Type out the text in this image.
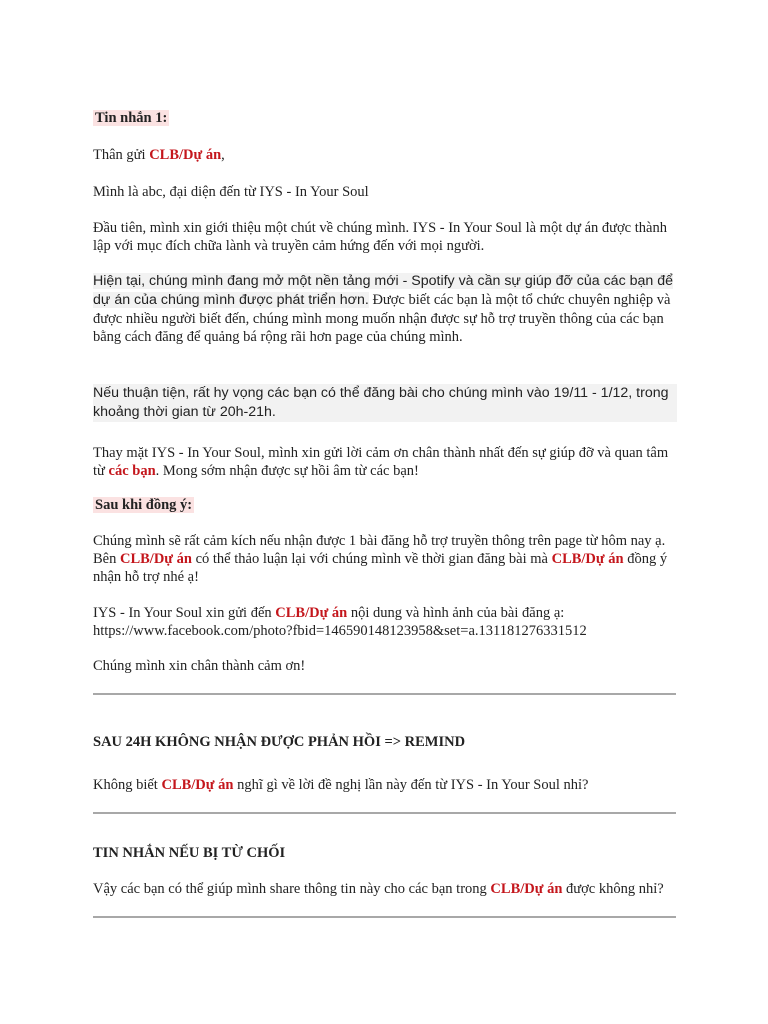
Tin nhắn 1:

Thân gửi CLB/Dự án,

Mình là abc, đại diện đến từ IYS - In Your Soul

Đầu tiên, mình xin giới thiệu một chút về chúng mình. IYS - In Your Soul là một dự án được thành lập với mục đích chữa lành và truyền cảm hứng đến với mọi người.

Hiện tại, chúng mình đang mở một nền tảng mới - Spotify và cần sự giúp đỡ của các bạn để dự án của chúng mình được phát triển hơn. Được biết các bạn là một tổ chức chuyên nghiệp và được nhiều người biết đến, chúng mình mong muốn nhận được sự hỗ trợ truyền thông của các bạn bằng cách đăng để quảng bá rộng rãi hơn page của chúng mình.

Nếu thuận tiện, rất hy vọng các bạn có thể đăng bài cho chúng mình vào 19/11 - 1/12, trong khoảng thời gian từ 20h-21h.

Thay mặt IYS - In Your Soul, mình xin gửi lời cảm ơn chân thành nhất đến sự giúp đỡ và quan tâm từ các bạn. Mong sớm nhận được sự hồi âm từ các bạn!

Sau khi đồng ý:

Chúng mình sẽ rất cảm kích nếu nhận được 1 bài đăng hỗ trợ truyền thông trên page từ hôm nay ạ. Bên CLB/Dự án có thể thảo luận lại với chúng mình về thời gian đăng bài mà CLB/Dự án đồng ý nhận hỗ trợ nhé ạ!

IYS - In Your Soul xin gửi đến CLB/Dự án nội dung và hình ảnh của bài đăng ạ:

https://www.facebook.com/photo?fbid=146590148123958&set=a.131181276331512

Chúng mình xin chân thành cảm ơn!

SAU 24H KHÔNG NHẬN ĐƯỢC PHẢN HỒI => REMIND

Không biết CLB/Dự án nghĩ gì về lời đề nghị lần này đến từ IYS - In Your Soul nhỉ?

TIN NHẮN NẾU BỊ TỪ CHỐI

Vậy các bạn có thể giúp mình share thông tin này cho các bạn trong CLB/Dự án được không nhỉ?
